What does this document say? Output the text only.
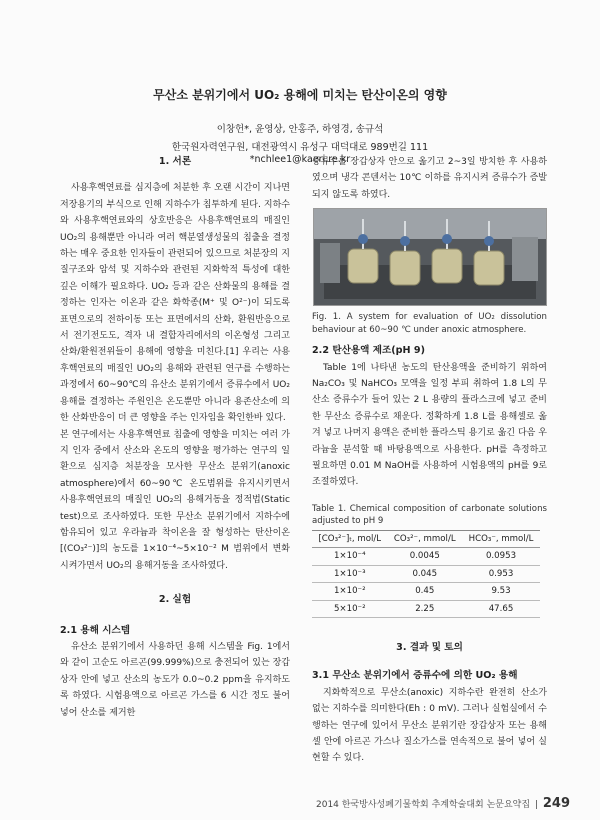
무산소 분위기에서 UO₂ 용해에 미치는 탄산이온의 영향
이창헌*, 윤영상, 안홍주, 하영경, 송규석
한국원자력연구원, 대전광역시 유성구 대덕대로 989번길 111
*nchlee1@kaeri.re.kr
1. 서론

사용후핵연료를 심지층에 처분한 후 오랜 시간이 지나면 저장용기의 부식으로 인해 지하수가 침투하게 된다. 지하수와 사용후핵연료와의 상호반응은 사용후핵연료의 매질인 UO₂의 용해뿐만 아니라 여러 핵분열생성물의 침출을 결정하는 매우 중요한 인자들이 관련되어 있으므로 처분장의 지질구조와 암석 및 지하수와 관련된 지화학적 특성에 대한 깊은 이해가 필요하다. UO₂ 등과 같은 산화물의 용해를 결정하는 인자는 이온과 같은 화학종(M⁺ 및 O²⁻)이 되도록 표면으로의 전하이동 또는 표면에서의 산화, 환원반응으로서 전기전도도, 격자 내 결합자리에서의 이온형성 그리고 산화/환원전위들이 용해에 영향을 미친다.[1] 우리는 사용후핵연료의 매질인 UO₂의 용해와 관련된 연구를 수행하는 과정에서 60~90℃의 유산소 분위기에서 증류수에서 UO₂ 용해를 결정하는 주원인은 온도뿐만 아니라 용존산소에 의한 산화반응이 더 큰 영향을 주는 인자임을 확인한바 있다.

본 연구에서는 사용후핵연료 침출에 영향을 미치는 여러 가지 인자 중에서 산소와 온도의 영향을 평가하는 연구의 일환으로 심지층 처분장을 모사한 무산소 분위기(anoxic atmosphere)에서 60~90℃ 온도범위를 유지시키면서 사용후핵연료의 매질인 UO₂의 용해거동을 정적법(Static test)으로 조사하였다. 또한 무산소 분위기에서 지하수에 함유되어 있고 우라늄과 착이온을 잘 형성하는 탄산이온[(CO₃²⁻)]의 농도를 1×10⁻⁴~5×10⁻² M 범위에서 변화시켜가면서 UO₂의 용해거동을 조사하였다.

2. 실험
2.1 용해 시스템

유산소 분위기에서 사용하던 용해 시스템을 Fig. 1에서와 같이 고순도 아르곤(99.999%)으로 충전되어 있는 장갑상자 안에 넣고 산소의 농도가 0.0~0.2 ppm을 유지하도록 하였다. 시험용액으로 아르곤 가스를 6 시간 정도 불어 넣어 산소를 제거한

증류수를 장갑상자 안으로 옮기고 2~3일 방치한 후 사용하였으며 냉각 콘덴서는 10℃ 이하를 유지시켜 증류수가 증발되지 않도록 하였다.

Fig. 1. A system for evaluation of UO₂ dissolution behaviour at 60~90 ℃ under anoxic atmosphere.
2.2 탄산용액 제조(pH 9)

Table 1에 나타낸 농도의 탄산용액을 준비하기 위하여 Na₂CO₃ 및 NaHCO₃ 모액을 일정 부피 취하여 1.8 L의 무산소 증류수가 들어 있는 2 L 용량의 플라스크에 넣고 준비한 무산소 증류수로 채운다. 정확하게 1.8 L를 용해셀로 옮겨 넣고 나머지 용액은 준비한 플라스틱 용기로 옮긴 다음 우라늄을 분석할 때 바탕용액으로 사용한다. pH를 측정하고 필요하면 0.01 M NaOH를 사용하여 시험용액의 pH를 9로 조절하였다.

Table 1. Chemical composition of carbonate solutions adjusted to pH 9
[CO₃²⁻]ₜ, mol/L	CO₃²⁻, mmol/L	HCO₃⁻, mmol/L
1×10⁻⁴	0.0045	0.0953
1×10⁻³	0.045	0.953
1×10⁻²	0.45	9.53
5×10⁻²	2.25	47.65
3. 결과 및 토의
3.1 무산소 분위기에서 증류수에 의한 UO₂ 용해

지화학적으로 무산소(anoxic) 지하수란 완전히 산소가 없는 지하수를 의미한다(Eh : 0 mV). 그러나 실험실에서 수행하는 연구에 있어서 무산소 분위기란 장갑상자 또는 용해셀 안에 아르곤 가스나 질소가스를 연속적으로 불어 넣어 실현할 수 있다.

2014 한국방사성폐기물학회 추계학술대회 논문요약집 | 249
